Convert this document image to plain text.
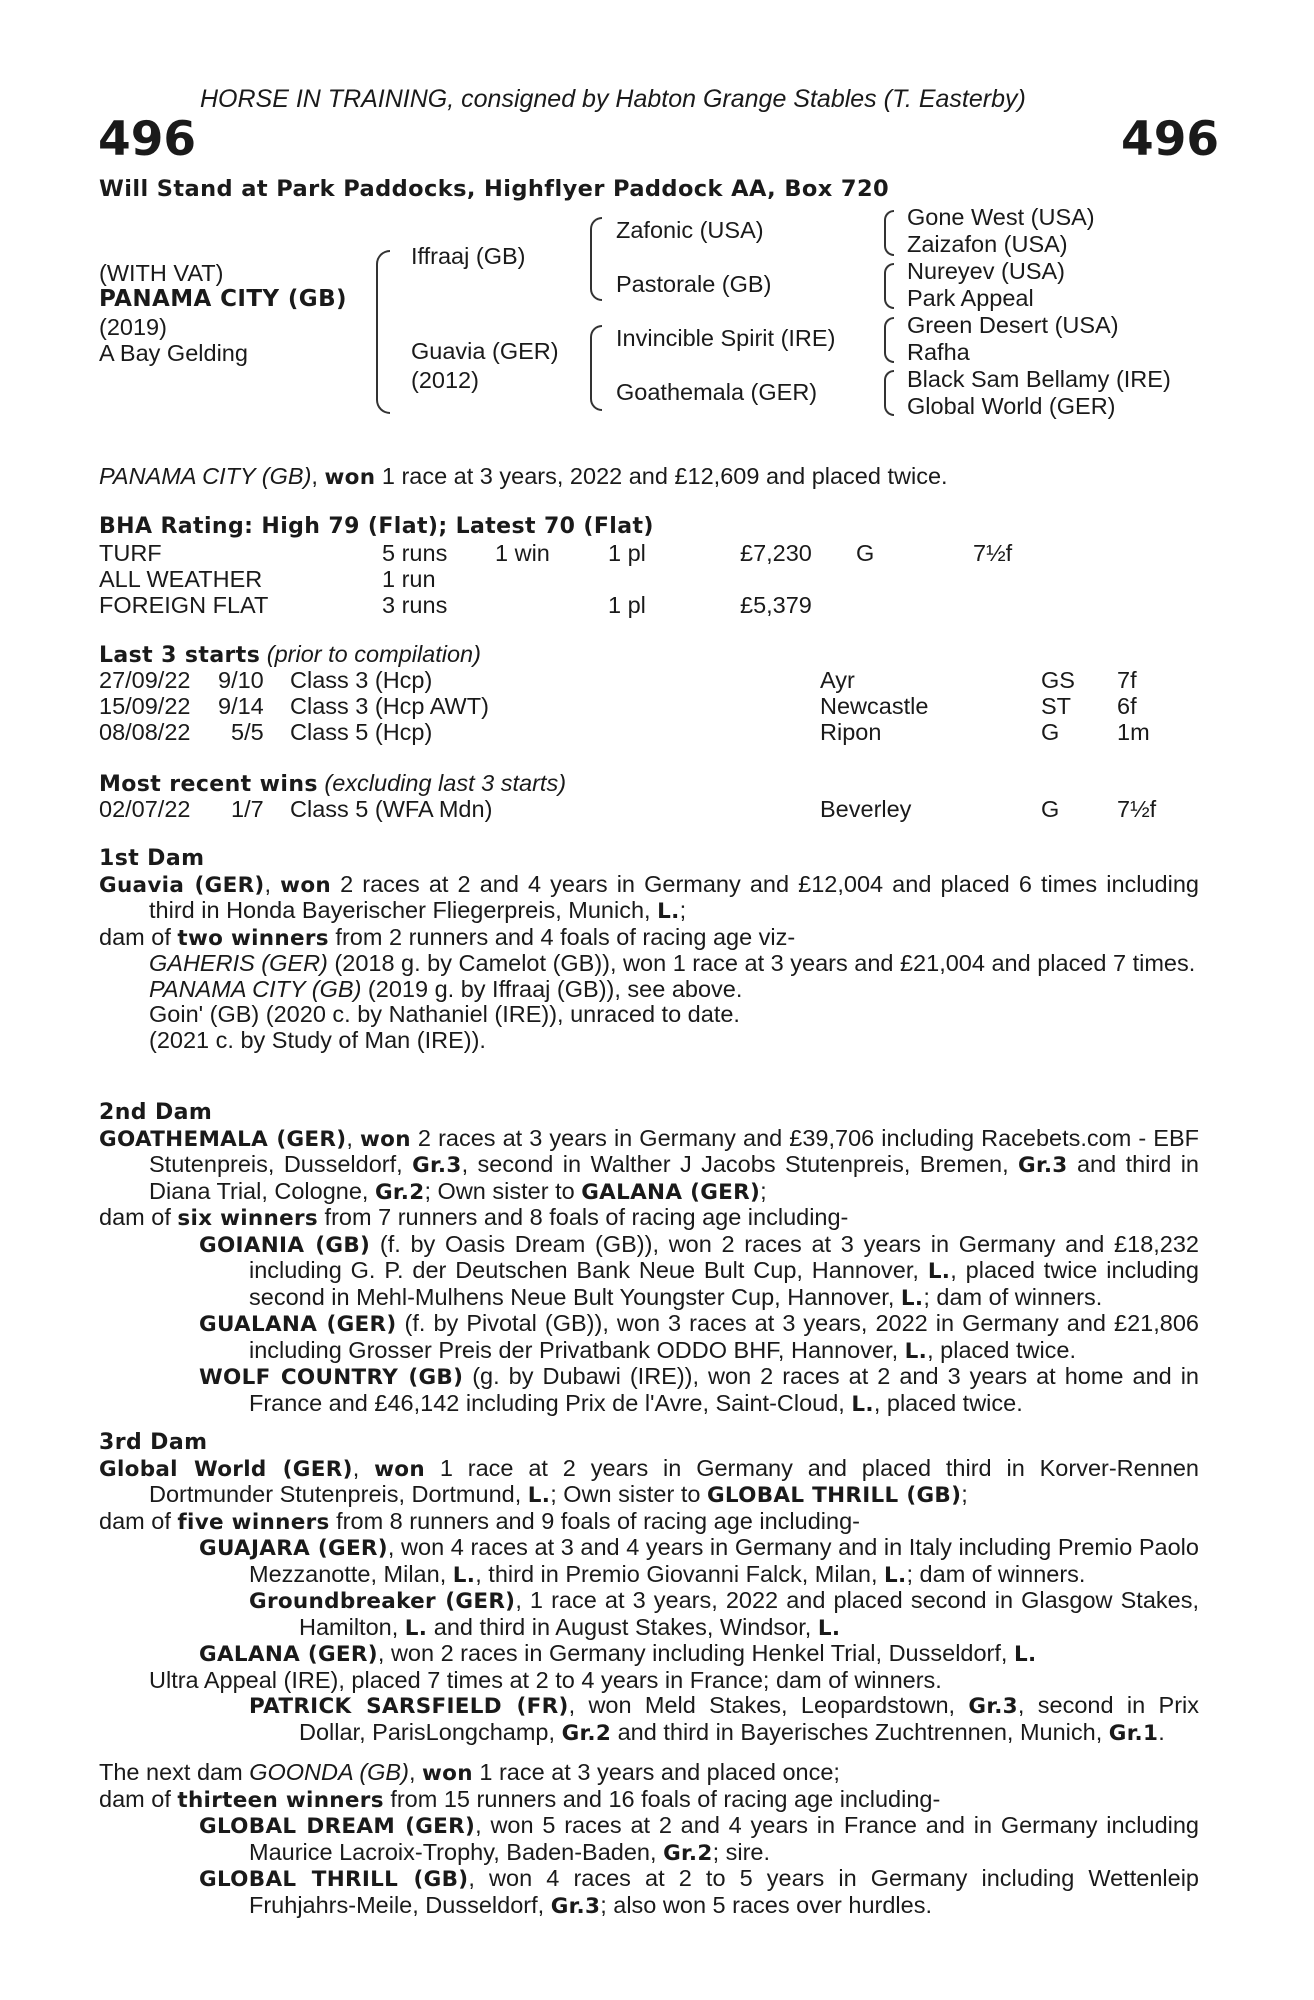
HORSE IN TRAINING, consigned by Habton Grange Stables (T. Easterby)
496	496
Will Stand at Park Paddocks, Highflyer Paddock AA, Box 720
(WITH VAT)
PANAMA CITY (GB)
(2019)
A Bay Gelding
Iffraaj (GB)
Guavia (GER)
(2012)
Zafonic (USA)
Pastorale (GB)
Invincible Spirit (IRE)
Goathemala (GER)
Gone West (USA)
Zaizafon (USA)
Nureyev (USA)
Park Appeal
Green Desert (USA)
Rafha
Black Sam Bellamy (IRE)
Global World (GER)
PANAMA CITY (GB), won 1 race at 3 years, 2022 and £12,609 and placed twice.
BHA Rating: High 79 (Flat); Latest 70 (Flat)
TURF	5 runs 1 win 1 pl	£7,230 G	7½f
ALL WEATHER	1 run
FOREIGN FLAT	3 runs	1 pl	£5,379
Last 3 starts (prior to compilation)
27/09/22 9/10 Class 3 (Hcp)	Ayr	GS 7f
15/09/22 9/14 Class 3 (Hcp AWT)	Newcastle	ST 6f
08/08/22 5/5 Class 5 (Hcp)	Ripon	G 1m
Most recent wins (excluding last 3 starts)
02/07/22 1/7 Class 5 (WFA Mdn)	Beverley	G 7½f

1st Dam

Guavia (GER), won 2 races at 2 and 4 years in Germany and £12,004 and placed 6 times including third in Honda Bayerischer Fliegerpreis, Munich, L.;

dam of two winners from 2 runners and 4 foals of racing age viz-

GAHERIS (GER) (2018 g. by Camelot (GB)), won 1 race at 3 years and £21,004 and placed 7 times.

PANAMA CITY (GB) (2019 g. by Iffraaj (GB)), see above.

Goin' (GB) (2020 c. by Nathaniel (IRE)), unraced to date.

(2021 c. by Study of Man (IRE)).

2nd Dam

GOATHEMALA (GER), won 2 races at 3 years in Germany and £39,706 including Racebets.com - EBF Stutenpreis, Dusseldorf, Gr.3, second in Walther J Jacobs Stutenpreis, Bremen, Gr.3 and third in Diana Trial, Cologne, Gr.2; Own sister to GALANA (GER);

dam of six winners from 7 runners and 8 foals of racing age including-

GOIANIA (GB) (f. by Oasis Dream (GB)), won 2 races at 3 years in Germany and £18,232 including G. P. der Deutschen Bank Neue Bult Cup, Hannover, L., placed twice including second in Mehl-Mulhens Neue Bult Youngster Cup, Hannover, L.; dam of winners.

GUALANA (GER) (f. by Pivotal (GB)), won 3 races at 3 years, 2022 in Germany and £21,806 including Grosser Preis der Privatbank ODDO BHF, Hannover, L., placed twice.

WOLF COUNTRY (GB) (g. by Dubawi (IRE)), won 2 races at 2 and 3 years at home and in France and £46,142 including Prix de l'Avre, Saint-Cloud, L., placed twice.

3rd Dam

Global World (GER), won 1 race at 2 years in Germany and placed third in Korver-Rennen Dortmunder Stutenpreis, Dortmund, L.; Own sister to GLOBAL THRILL (GB);

dam of five winners from 8 runners and 9 foals of racing age including-

GUAJARA (GER), won 4 races at 3 and 4 years in Germany and in Italy including Premio Paolo Mezzanotte, Milan, L., third in Premio Giovanni Falck, Milan, L.; dam of winners.

Groundbreaker (GER), 1 race at 3 years, 2022 and placed second in Glasgow Stakes, Hamilton, L. and third in August Stakes, Windsor, L.

GALANA (GER), won 2 races in Germany including Henkel Trial, Dusseldorf, L.

Ultra Appeal (IRE), placed 7 times at 2 to 4 years in France; dam of winners.

PATRICK SARSFIELD (FR), won Meld Stakes, Leopardstown, Gr.3, second in Prix Dollar, ParisLongchamp, Gr.2 and third in Bayerisches Zuchtrennen, Munich, Gr.1.

The next dam GOONDA (GB), won 1 race at 3 years and placed once;

dam of thirteen winners from 15 runners and 16 foals of racing age including-

GLOBAL DREAM (GER), won 5 races at 2 and 4 years in France and in Germany including Maurice Lacroix-Trophy, Baden-Baden, Gr.2; sire.

GLOBAL THRILL (GB), won 4 races at 2 to 5 years in Germany including Wettenleip Fruhjahrs-Meile, Dusseldorf, Gr.3; also won 5 races over hurdles.
